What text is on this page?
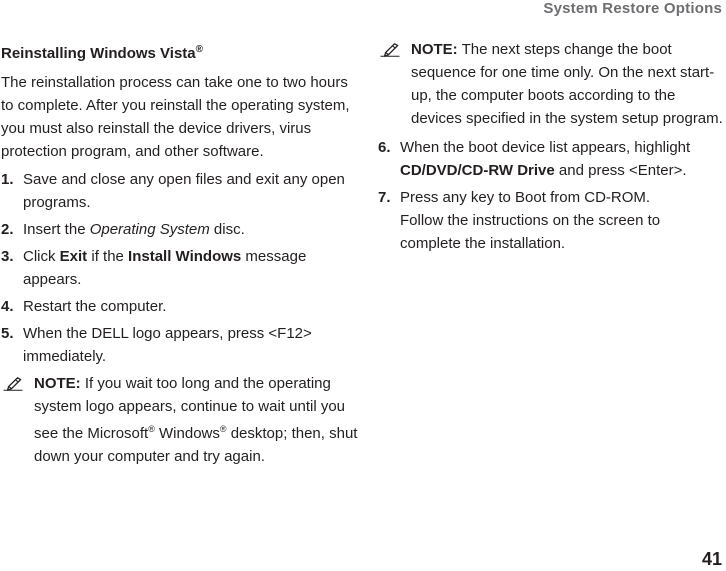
System Restore Options
Reinstalling Windows Vista®

The reinstallation process can take one to two hours to complete. After you reinstall the operating system, you must also reinstall the device drivers, virus protection program, and other software.

1. Save and close any open files and exit any open programs.
2. Insert the Operating System disc.
3. Click Exit if the Install Windows message appears.
4. Restart the computer.
5. When the DELL logo appears, press <F12> immediately.
NOTE: If you wait too long and the operating system logo appears, continue to wait until you see the Microsoft® Windows® desktop; then, shut down your computer and try again.
NOTE: The next steps change the boot sequence for one time only. On the next start-up, the computer boots according to the devices specified in the system setup program.
6. When the boot device list appears, highlight CD/DVD/CD-RW Drive and press <Enter>.
7. Press any key to Boot from CD-ROM.
Follow the instructions on the screen to complete the installation.
41
